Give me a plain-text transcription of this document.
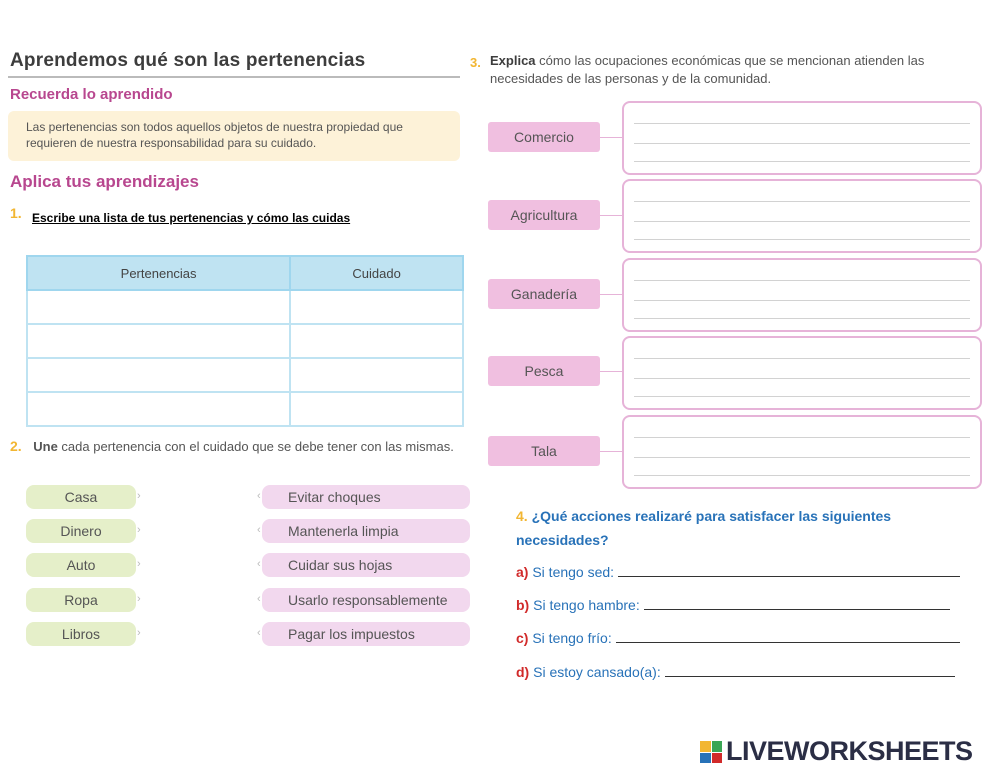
Aprendemos qué son las pertenencias
Recuerda lo aprendido
Las pertenencias son todos aquellos objetos de nuestra propiedad que requieren de nuestra responsabilidad para su cuidado.
Aplica tus aprendizajes
1. Escribe una lista de tus pertenencias y cómo las cuidas
Pertenencias	Cuidado

2. Une cada pertenencia con el cuidado que se debe tener con las mismas.
Casa
Dinero
Auto
Ropa
Libros
›
›
›
›
›
Evitar choques
Mantenerla limpia
Cuidar sus hojas
Usarlo responsablemente
Pagar los impuestos
‹
‹
‹
‹
‹
3. Explica cómo las ocupaciones económicas que se mencionan atienden las necesidades de las personas y de la comunidad.
Comercio
Agricultura
Ganadería
Pesca
Tala
4. ¿Qué acciones realizaré para satisfacer las siguientes necesidades?
a) Si tengo sed:
b) Si tengo hambre:
c) Si tengo frío:
d) Si estoy cansado(a):
LIVEWORKSHEETS
